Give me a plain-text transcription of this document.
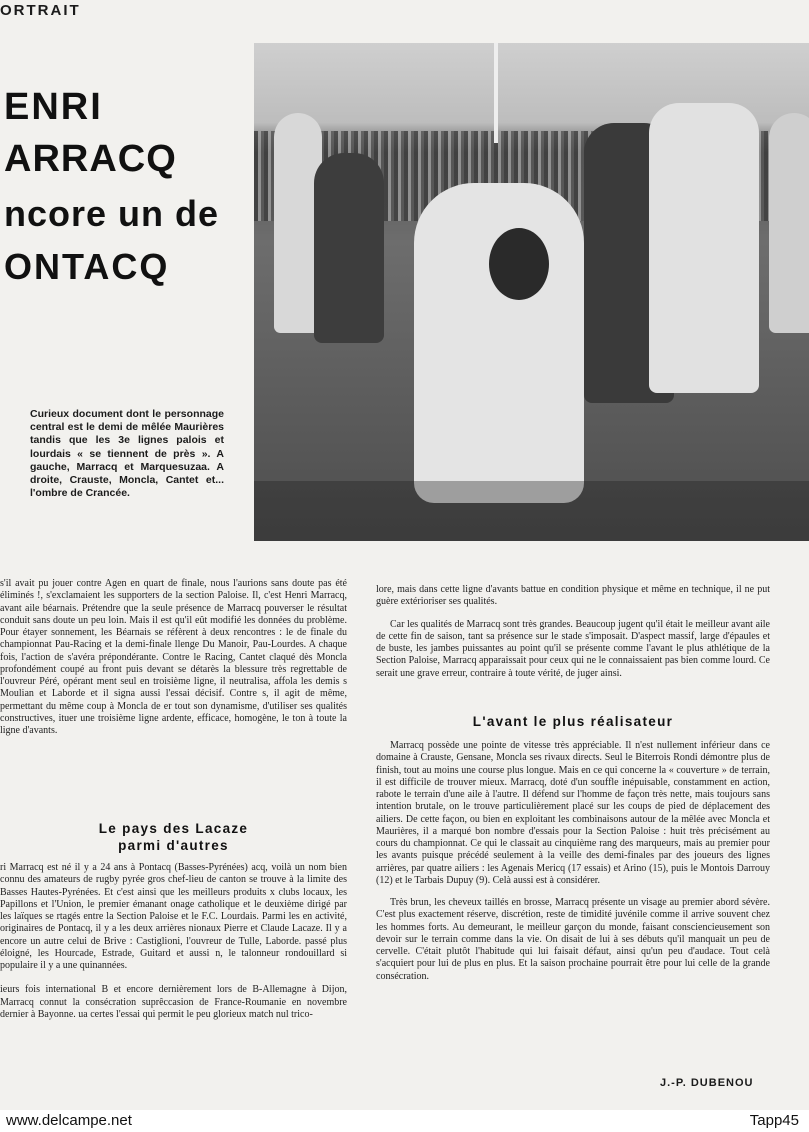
ORTRAIT
ENRI
ARRACQ
ncore un de
ONTACQ
Curieux document dont le personnage central est le demi de mêlée Maurières tandis que les 3e lignes palois et lourdais « se tiennent de près ». A gauche, Marracq et Marquesuzaa. A droite, Crauste, Moncla, Cantet et... l'ombre de Crancée.

s'il avait pu jouer contre Agen en quart de finale, nous l'aurions sans doute pas été éliminés !, s'exclamaient les supporters de la section Paloise. Il, c'est Henri Marracq, avant aile béarnais. Prétendre que la seule présence de Marracq pouverser le résultat conduit sans doute un peu loin. Mais il est qu'il eût modifié les données du problème. Pour étayer sonnement, les Béarnais se réfèrent à deux rencontres : le de finale du championnat Pau-Racing et la demi-finale llenge Du Manoir, Pau-Lourdes. A chaque fois, l'action de s'avéra prépondérante. Contre le Racing, Cantet claqué dès Moncla profondément coupé au front puis devant se détarès la blessure très regrettable de l'ouvreur Péré, opérant ment seul en troisième ligne, il neutralisa, affola les demis s Moulian et Laborde et il signa aussi l'essai décisif. Contre s, il agit de même, permettant du même coup à Moncla de er tout son dynamisme, d'utiliser ses qualités constructives, ituer une troisième ligne ardente, efficace, homogène, le ton à toute la ligne d'avants.

Le pays des Lacaze
parmi d'autres

ri Marracq est né il y a 24 ans à Pontacq (Basses-Pyrénées) acq, voilà un nom bien connu des amateurs de rugby pyrée gros chef-lieu de canton se trouve à la limite des Basses Hautes-Pyrénées. Et c'est ainsi que les meilleurs produits x clubs locaux, les Papillons et l'Union, le premier émanant onage catholique et le deuxième dirigé par les laïques se rtagés entre la Section Paloise et le F.C. Lourdais. Parmi les en activité, originaires de Pontacq, il y a les deux arrières nionaux Pierre et Claude Lacaze. Il y a encore un autre celui de Brive : Castiglioni, l'ouvreur de Tulle, Laborde. passé plus éloigné, les Hourcade, Estrade, Guitard et aussi n, le talonneur rondouillard si populaire il y a une quinannées.

ieurs fois international B et encore dernièrement lors de B-Allemagne à Dijon, Marracq connut la consécration suprêccasion de France-Roumanie en novembre dernier à Bayonne. ua certes l'essai qui permit le peu glorieux match nul trico-

lore, mais dans cette ligne d'avants battue en condition physique et même en technique, il ne put guère extérioriser ses qualités.

Car les qualités de Marracq sont très grandes. Beaucoup jugent qu'il était le meilleur avant aile de cette fin de saison, tant sa présence sur le stade s'imposait. D'aspect massif, large d'épaules et de buste, les jambes puissantes au point qu'il se présente comme l'avant le plus athlétique de la Section Paloise, Marracq apparaissait pour ceux qui ne le connaissaient pas bien comme lourd. Ce serait une grave erreur, contraire à toute vérité, de juger ainsi.

L'avant le plus réalisateur

Marracq possède une pointe de vitesse très appréciable. Il n'est nullement inférieur dans ce domaine à Crauste, Gensane, Moncla ses rivaux directs. Seul le Biterrois Rondi démontre plus de finish, tout au moins une course plus longue. Mais en ce qui concerne la « couverture » de terrain, il est difficile de trouver mieux. Marracq, doté d'un souffle inépuisable, constamment en action, rabote le terrain d'une aile à l'autre. Il défend sur l'homme de façon très nette, mais toujours sans intention brutale, on le trouve particulièrement placé sur les coups de pied de déplacement des ailiers. De cette façon, ou bien en exploitant les combinaisons autour de la mêlée avec Moncla et Maurières, il a marqué bon nombre d'essais pour la Section Paloise : huit très précisément au cours du championnat. Ce qui le classait au cinquième rang des marqueurs, mais au premier pour les avants puisque précédé seulement à la veille des demi-finales par des joueurs des lignes arrières, par quatre ailiers : les Agenais Mericq (17 essais) et Arino (15), puis le Montois Darrouy (12) et le Tarbais Dupuy (9). Celà aussi est à considérer.

Très brun, les cheveux taillés en brosse, Marracq présente un visage au premier abord sévère. C'est plus exactement réserve, discrétion, reste de timidité juvénile comme il arrive souvent chez les hommes forts. Au demeurant, le meilleur garçon du monde, faisant consciencieusement son devoir sur le terrain comme dans la vie. On disait de lui à ses débuts qu'il manquait un peu de cervelle. C'était plutôt l'habitude qui lui faisait défaut, ainsi qu'un peu d'audace. Tout celà s'acquiert pour lui de plus en plus. Et la saison prochaine pourrait être pour lui celle de la grande consécration.

J.-P. DUBENOU
www.delcampe.net	Tapp45
